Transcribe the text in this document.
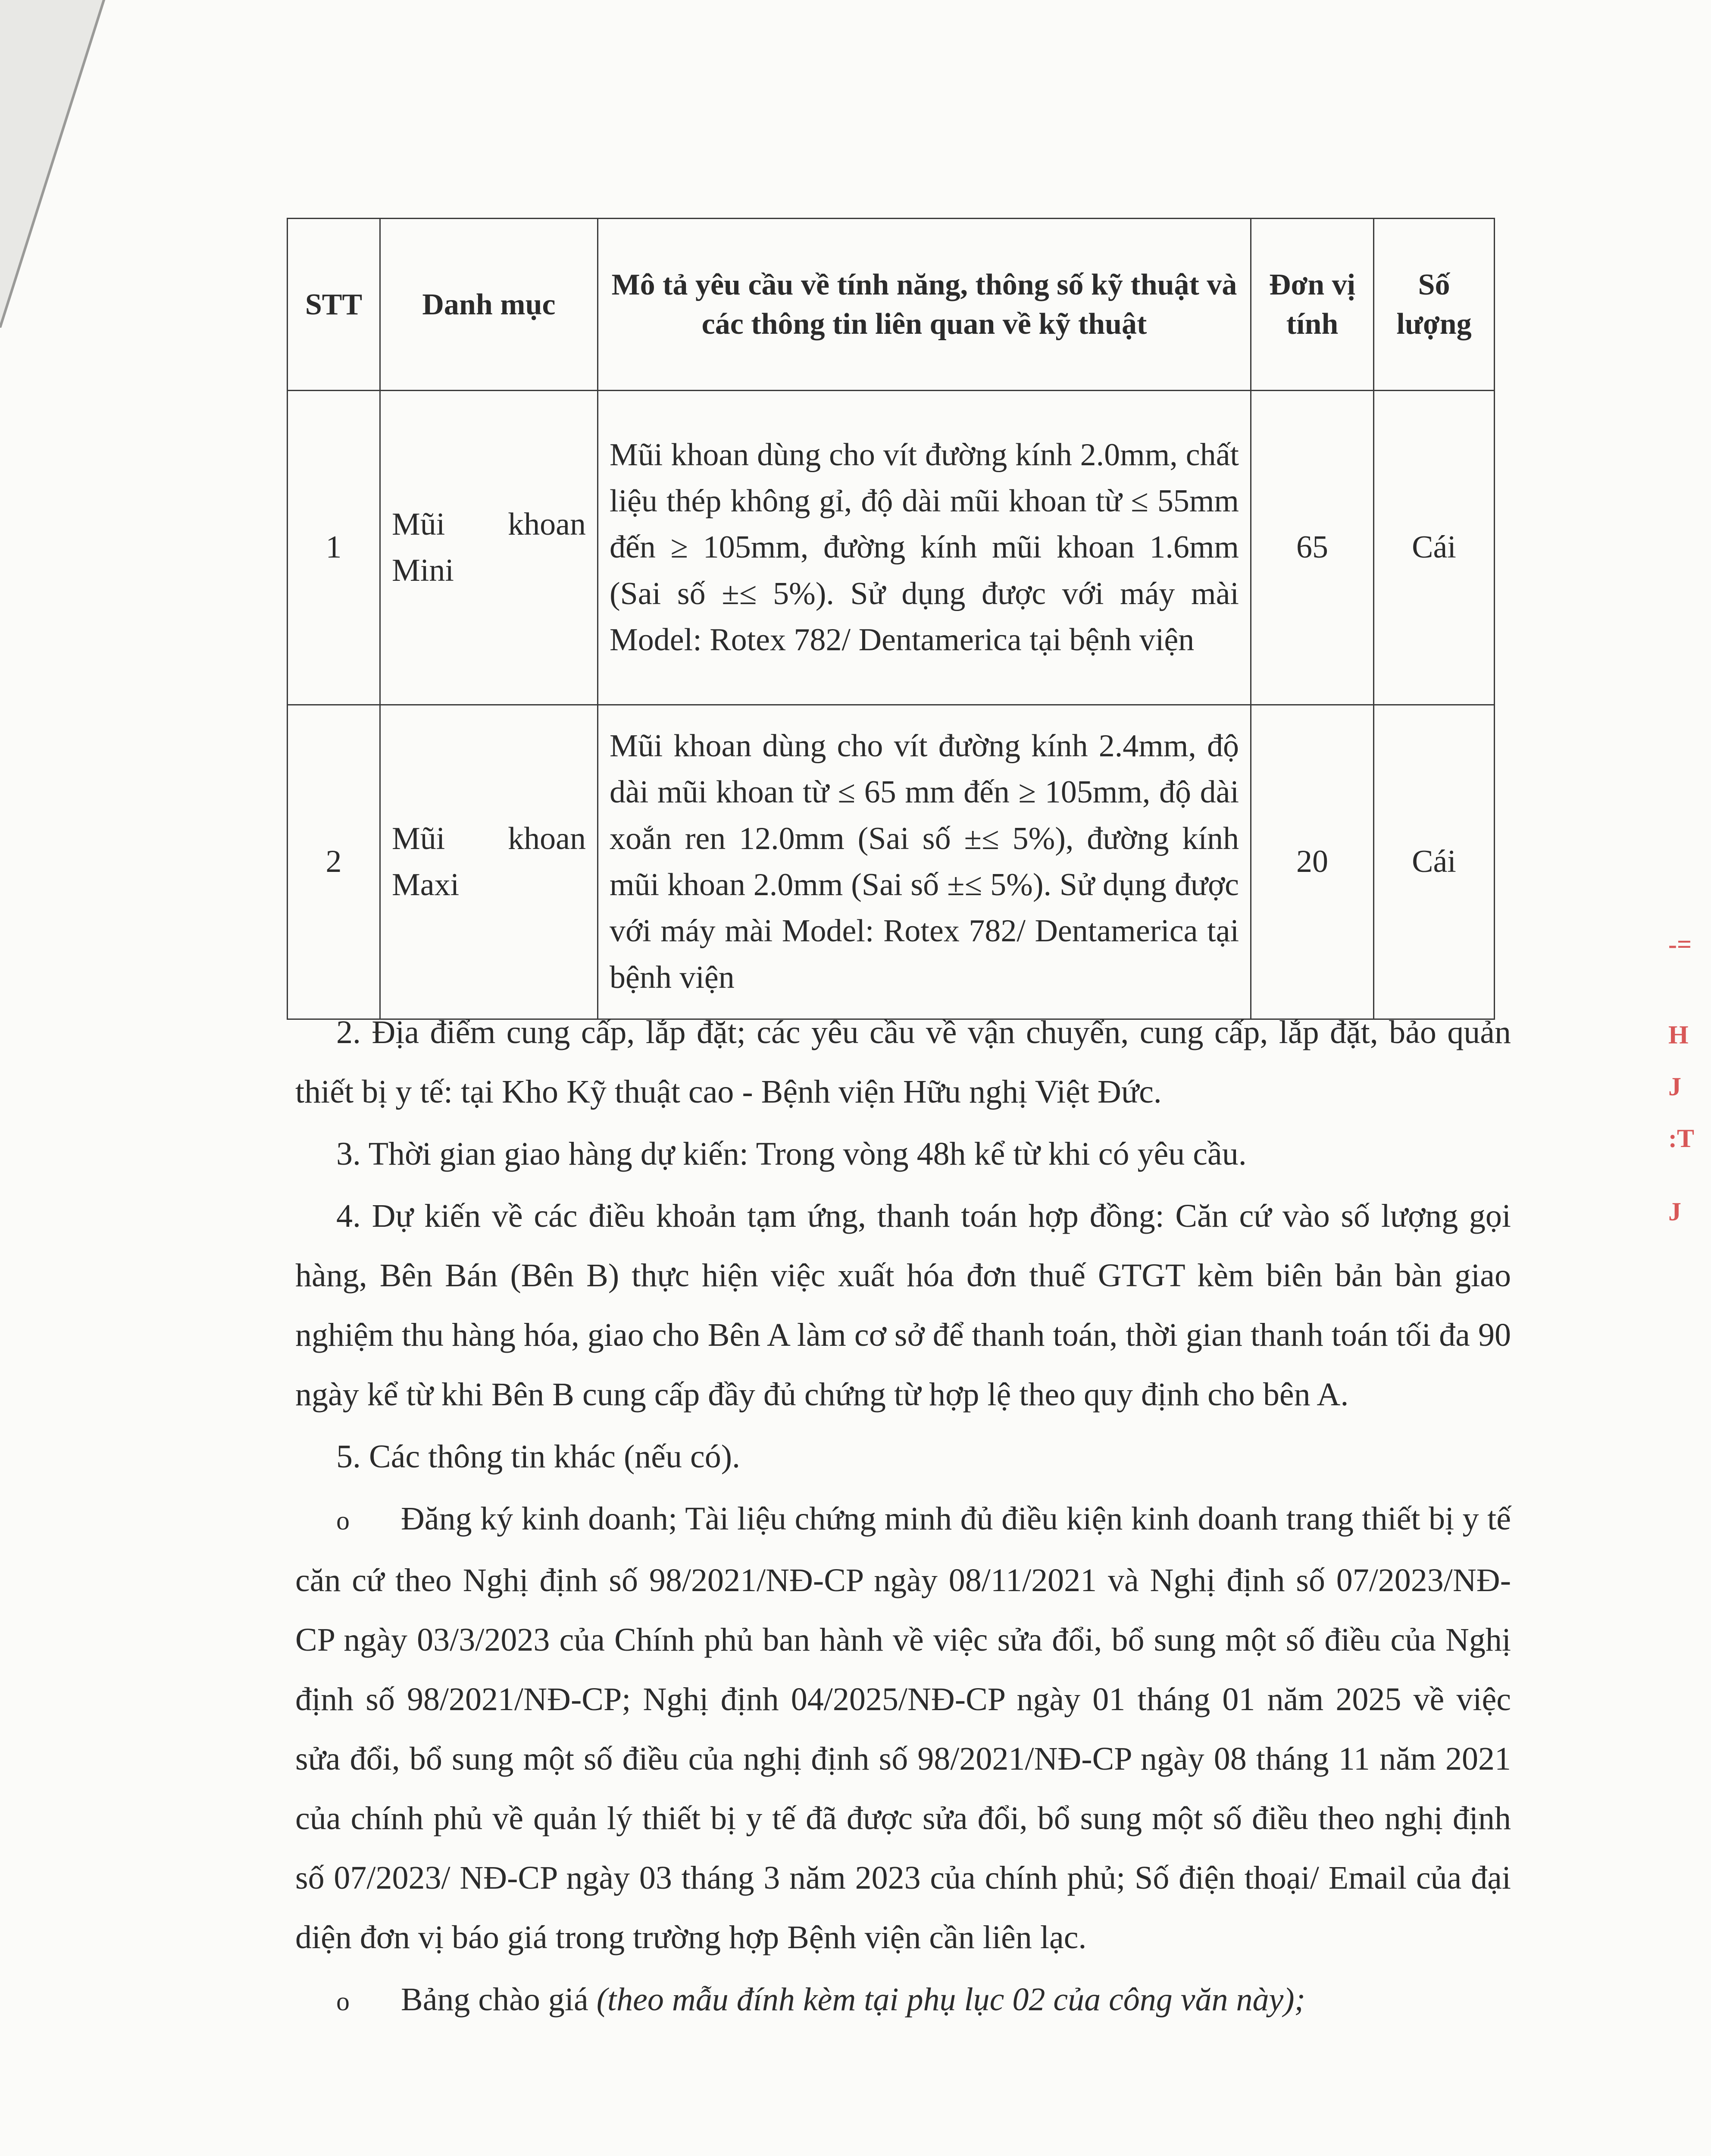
-=
H
J
:T
J
STT	Danh mục	Mô tả yêu cầu về tính năng, thông số kỹ thuật và các thông tin liên quan về kỹ thuật	Đơn vị tính	Số lượng
1	Mũi khoan Mini	Mũi khoan dùng cho vít đường kính 2.0mm, chất liệu thép không gỉ, độ dài mũi khoan từ ≤ 55mm đến ≥ 105mm, đường kính mũi khoan 1.6mm (Sai số ±≤ 5%). Sử dụng được với máy mài Model: Rotex 782/ Dentamerica tại bệnh viện	65	Cái
2	Mũi khoan Maxi	Mũi khoan dùng cho vít đường kính 2.4mm, độ dài mũi khoan từ ≤ 65 mm đến ≥ 105mm, độ dài xoắn ren 12.0mm (Sai số ±≤ 5%), đường kính mũi khoan 2.0mm (Sai số ±≤ 5%). Sử dụng được với máy mài Model: Rotex 782/ Dentamerica tại bệnh viện	20	Cái

2. Địa điểm cung cấp, lắp đặt; các yêu cầu về vận chuyển, cung cấp, lắp đặt, bảo quản thiết bị y tế: tại Kho Kỹ thuật cao - Bệnh viện Hữu nghị Việt Đức.

3. Thời gian giao hàng dự kiến: Trong vòng 48h kể từ khi có yêu cầu.

4. Dự kiến về các điều khoản tạm ứng, thanh toán hợp đồng: Căn cứ vào số lượng gọi hàng, Bên Bán (Bên B) thực hiện việc xuất hóa đơn thuế GTGT kèm biên bản bàn giao nghiệm thu hàng hóa, giao cho Bên A làm cơ sở để thanh toán, thời gian thanh toán tối đa 90 ngày kể từ khi Bên B cung cấp đầy đủ chứng từ hợp lệ theo quy định cho bên A.

5. Các thông tin khác (nếu có).

o Đăng ký kinh doanh; Tài liệu chứng minh đủ điều kiện kinh doanh trang thiết bị y tế căn cứ theo Nghị định số 98/2021/NĐ-CP ngày 08/11/2021 và Nghị định số 07/2023/NĐ-CP ngày 03/3/2023 của Chính phủ ban hành về việc sửa đổi, bổ sung một số điều của Nghị định số 98/2021/NĐ-CP; Nghị định 04/2025/NĐ-CP ngày 01 tháng 01 năm 2025 về việc sửa đổi, bổ sung một số điều của nghị định số 98/2021/NĐ-CP ngày 08 tháng 11 năm 2021 của chính phủ về quản lý thiết bị y tế đã được sửa đổi, bổ sung một số điều theo nghị định số 07/2023/ NĐ-CP ngày 03 tháng 3 năm 2023 của chính phủ; Số điện thoại/ Email của đại diện đơn vị báo giá trong trường hợp Bệnh viện cần liên lạc.

o Bảng chào giá (theo mẫu đính kèm tại phụ lục 02 của công văn này);
